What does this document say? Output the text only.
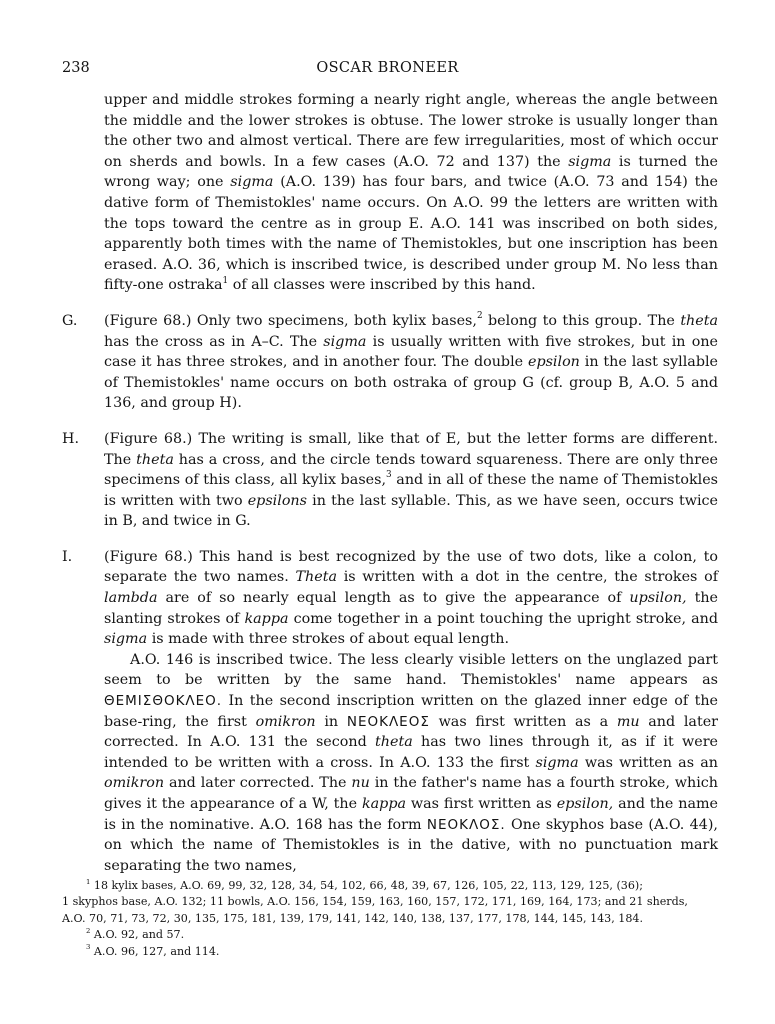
238	OSCAR BRONEER

upper and middle strokes forming a nearly right angle, whereas the angle between the middle and the lower strokes is obtuse. The lower stroke is usually longer than the other two and almost vertical. There are few irregularities, most of which occur on sherds and bowls. In a few cases (A.O. 72 and 137) the sigma is turned the wrong way; one sigma (A.O. 139) has four bars, and twice (A.O. 73 and 154) the dative form of Themistokles' name occurs. On A.O. 99 the letters are written with the tops toward the centre as in group E. A.O. 141 was inscribed on both sides, apparently both times with the name of Themistokles, but one inscription has been erased. A.O. 36, which is inscribed twice, is described under group M. No less than fifty-one ostraka$^1$ of all classes were inscribed by this hand.

G. (Figure 68.) Only two specimens, both kylix bases,$^2$ belong to this group. The theta has the cross as in A–C. The sigma is usually written with five strokes, but in one case it has three strokes, and in another four. The double epsilon in the last syllable of Themistokles' name occurs on both ostraka of group G (cf. group B, A.O. 5 and 136, and group H).

H. (Figure 68.) The writing is small, like that of E, but the letter forms are different. The theta has a cross, and the circle tends toward squareness. There are only three specimens of this class, all kylix bases,$^3$ and in all of these the name of Themistokles is written with two epsilons in the last syllable. This, as we have seen, occurs twice in B, and twice in G.

I. (Figure 68.) This hand is best recognized by the use of two dots, like a colon, to separate the two names. Theta is written with a dot in the centre, the strokes of lambda are of so nearly equal length as to give the appearance of upsilon, the slanting strokes of kappa come together in a point touching the upright stroke, and sigma is made with three strokes of about equal length.

A.O. 146 is inscribed twice. The less clearly visible letters on the unglazed part seem to be written by the same hand. Themistokles' name appears as ΘΕΜΙΣΘΟΚΛΕΟ. In the second inscription written on the glazed inner edge of the base-ring, the first omikron in ΝΕΟΚΛΕΟΣ was first written as a mu and later corrected. In A.O. 131 the second theta has two lines through it, as if it were intended to be written with a cross. In A.O. 133 the first sigma was written as an omikron and later corrected. The nu in the father's name has a fourth stroke, which gives it the appearance of a W, the kappa was first written as epsilon, and the name is in the nominative. A.O. 168 has the form ΝΕΟΚΛΟΣ. One skyphos base (A.O. 44), on which the name of Themistokles is in the dative, with no punctuation mark separating the two names,

$^1$ 18 kylix bases, A.O. 69, 99, 32, 128, 34, 54, 102, 66, 48, 39, 67, 126, 105, 22, 113, 129, 125, (36);

1 skyphos base, A.O. 132; 11 bowls, A.O. 156, 154, 159, 163, 160, 157, 172, 171, 169, 164, 173; and 21 sherds,

A.O. 70, 71, 73, 72, 30, 135, 175, 181, 139, 179, 141, 142, 140, 138, 137, 177, 178, 144, 145, 143, 184.

$^2$ A.O. 92, and 57.

$^3$ A.O. 96, 127, and 114.
